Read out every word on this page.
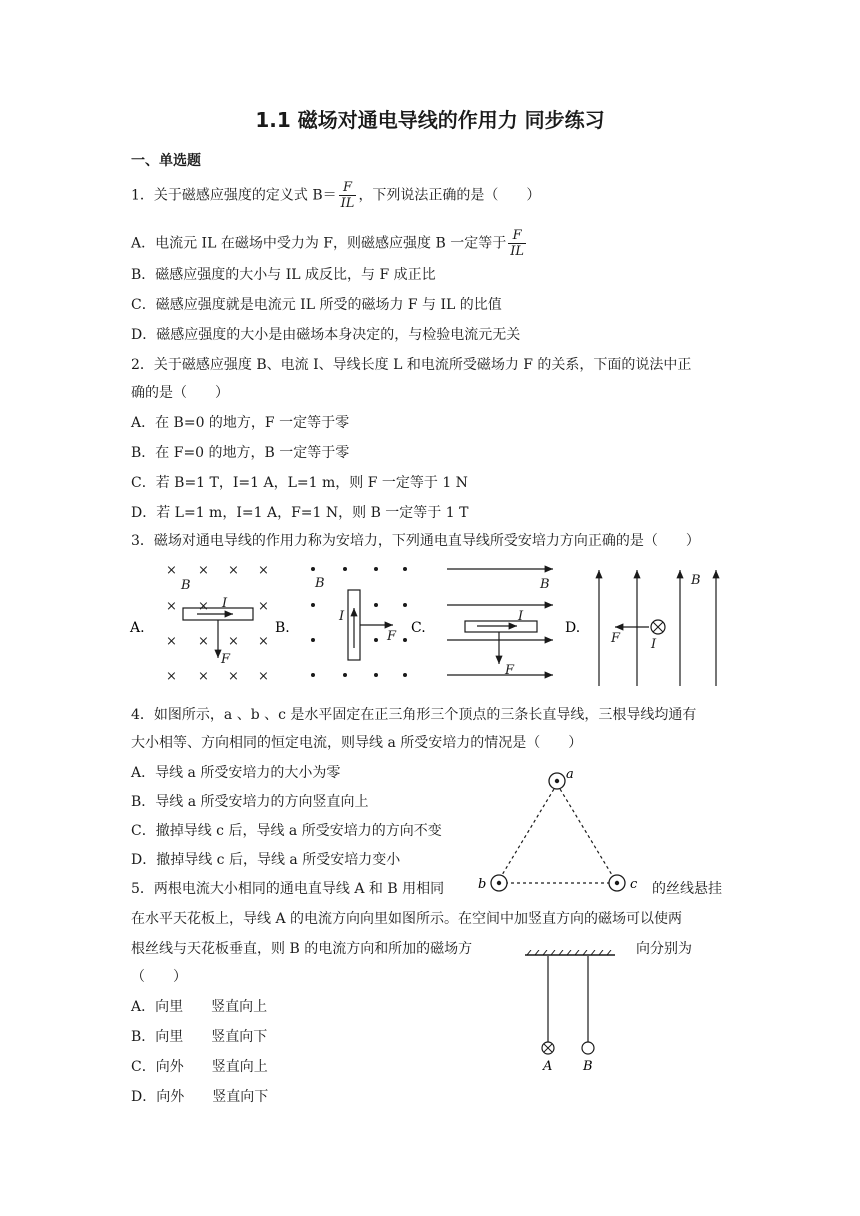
1.1 磁场对通电导线的作用力 同步练习
一、单选题
1．关于磁感应强度的定义式 $B= \frac{F}{IL}$ ，下列说法正确的是（　　）
A．电流元 IL 在磁场中受力为 F，则磁感应强度 B 一定等于 $\frac{F}{IL}$
B．磁感应强度的大小与 IL 成反比，与 F 成正比
C．磁感应强度就是电流元 IL 所受的磁场力 F 与 IL 的比值
D．磁感应强度的大小是由磁场本身决定的，与检验电流元无关
2．关于磁感应强度 B、电流 I、导线长度 L 和电流所受磁场力 F 的关系，下面的说法中正
确的是（　　）
A．在 B=0 的地方，F 一定等于零
B．在 F=0 的地方，B 一定等于零
C．若 B=1 T，I=1 A，L=1 m，则 F 一定等于 1 N
D．若 L=1 m，I=1 A，F=1 N，则 B 一定等于 1 T
3．磁场对通电导线的作用力称为安培力，下列通电直导线所受安培力方向正确的是（　　）
A.	B.	C.	D.
× × × ×
× ×	×
× × × ×
× × × ×
B
I
F
B
I
F
B
I
F
B
I
F
4．如图所示，a 、b 、c 是水平固定在正三角形三个顶点的三条长直导线，三根导线均通有
大小相等、方向相同的恒定电流，则导线 a 所受安培力的情况是（　　）
A．导线 a 所受安培力的大小为零
B．导线 a 所受安培力的方向竖直向上
C．撤掉导线 c 后，导线 a 所受安培力的方向不变
D．撤掉导线 c 后，导线 a 所受安培力变小
a
b	c
5．两根电流大小相同的通电直导线 A 和 B 用相同	的丝线悬挂
在水平天花板上，导线 A 的电流方向向里如图所示。在空间中加竖直方向的磁场可以使两
根丝线与天花板垂直，则 B 的电流方向和所加的磁场方	向分别为
（　　）
A．向里　　竖直向上
B．向里　　竖直向下
C．向外　　竖直向上
D．向外　　竖直向下
A B
